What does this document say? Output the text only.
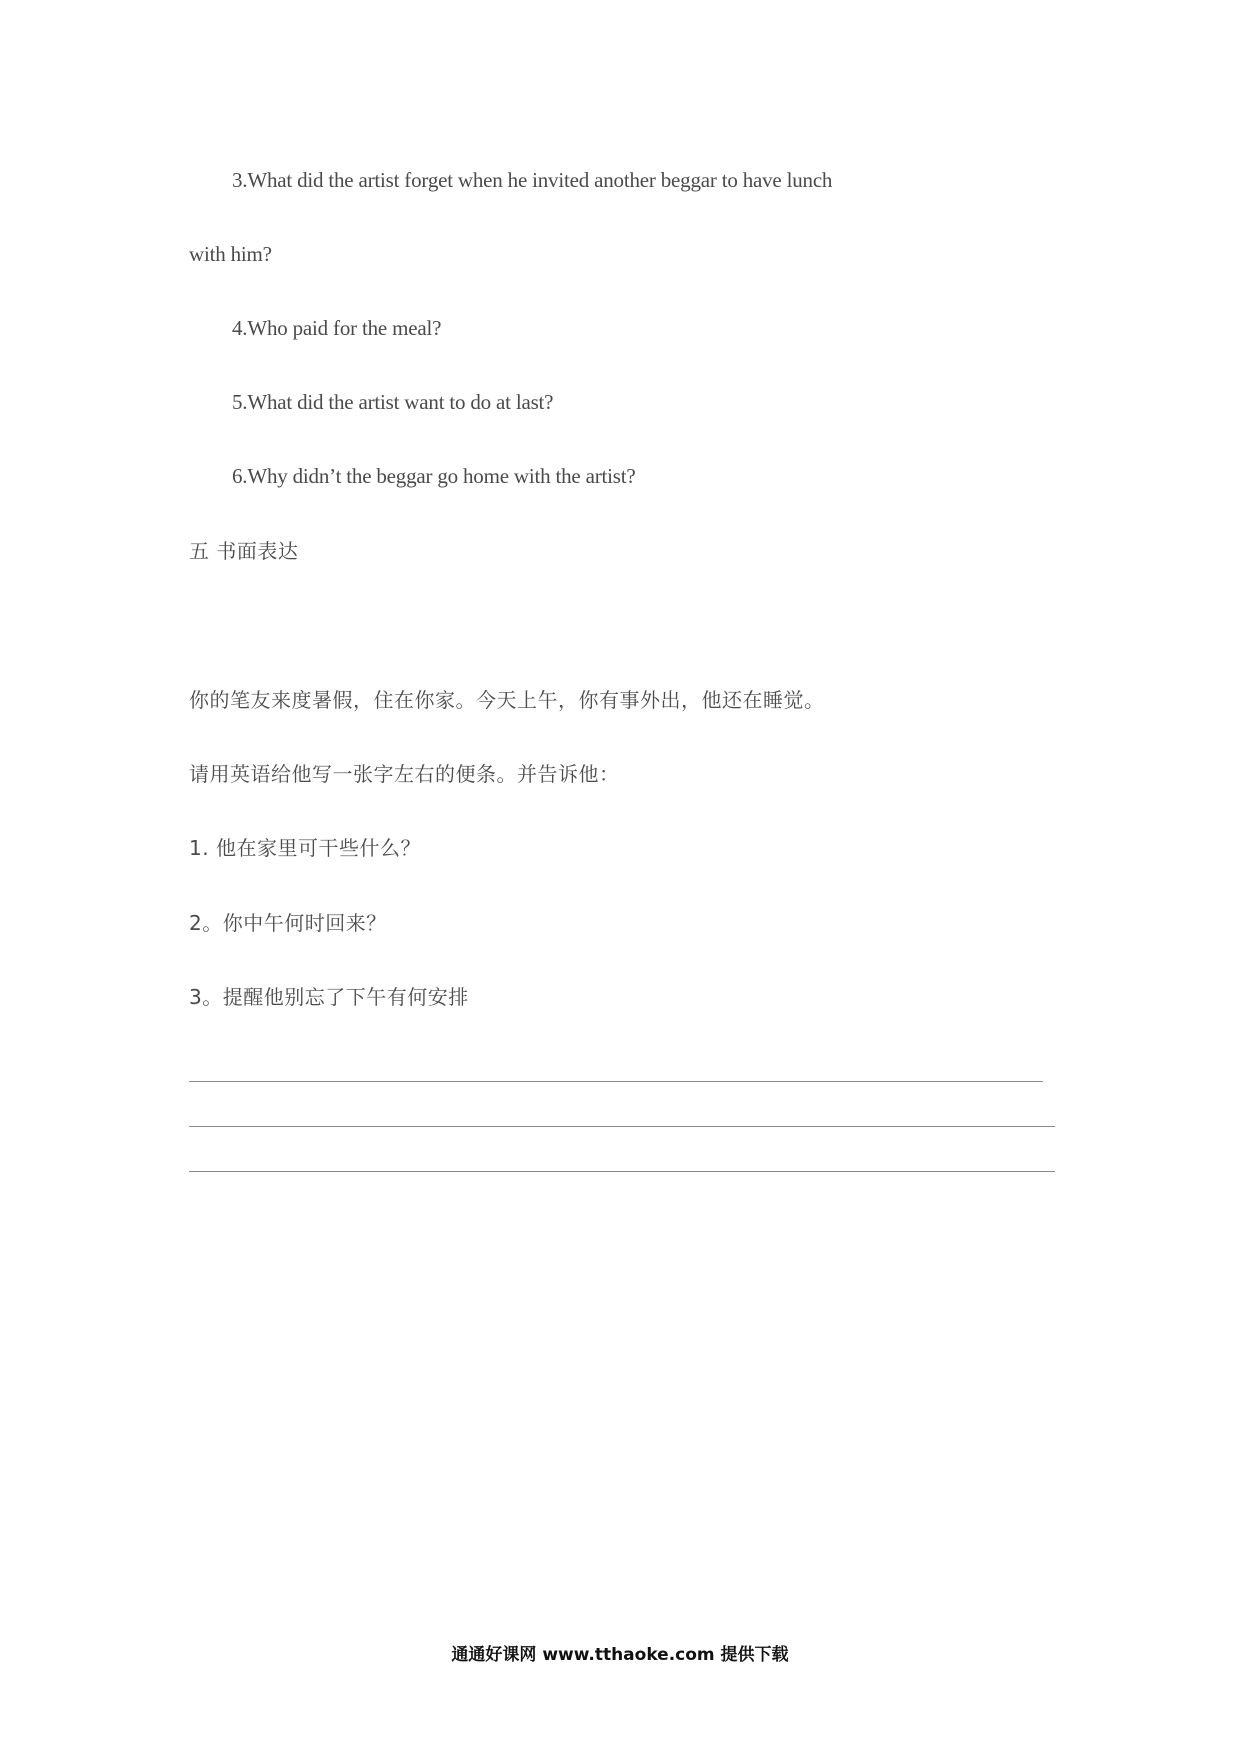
3.What did the artist forget when he invited another beggar to have lunch
with him?
4.Who paid for the meal?
5.What did the artist want to do at last?
6.Why didn’t the beggar go home with the artist?
五 书面表达
你的笔友来度暑假，住在你家。今天上午，你有事外出，他还在睡觉。
请用英语给他写一张字左右的便条。并告诉他：
1. 他在家里可干些什么？
2。你中午何时回来？
3。提醒他别忘了下午有何安排
通通好课网 www.tthaoke.com 提供下载
